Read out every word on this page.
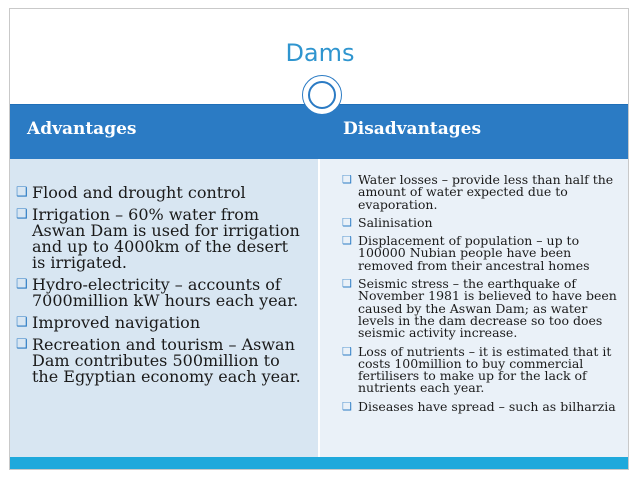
Dams
Advantages	Disadvantages
❑ Flood and drought control
❑ Irrigation – 60% water from Aswan Dam is used for irrigation and up to 4000km of the desert is irrigated.
❑ Hydro-electricity – accounts of 7000million kW hours each year.
❑ Improved navigation
❑ Recreation and tourism – Aswan Dam contributes 500million to the Egyptian economy each year.
❑ Water losses – provide less than half the amount of water expected due to evaporation.
❑ Salinisation
❑ Displacement of population – up to 100000 Nubian people have been removed from their ancestral homes
❑ Seismic stress – the earthquake of November 1981 is believed to have been caused by the Aswan Dam; as water levels in the dam decrease so too does seismic activity increase.
❑ Loss of nutrients – it is estimated that it costs 100million to buy commercial fertilisers to make up for the lack of nutrients each year.
❑ Diseases have spread – such as bilharzia
